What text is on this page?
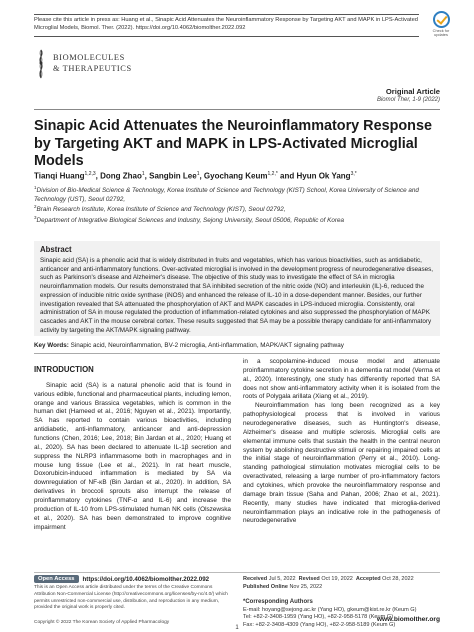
Please cite this article in press as: Huang et al., Sinapic Acid Attenuates the Neuroinflammatory Response by Targeting AKT and MAPK in LPS-Activated Microglial Models, Biomol. Ther. (2022). https://doi.org/10.4062/biomolther.2022.092	Check for
updates
BIOMOLECULES
& THERAPEUTICS
Original Article
Biomol Ther, 1-9 (2022)
Sinapic Acid Attenuates the Neuroinflammatory Response by Targeting AKT and MAPK in LPS-Activated Microglial Models
Tianqi Huang$^{1,2,3}$, Dong Zhao$^1$, Sangbin Lee$^1$, Gyochang Keum$^{1,2,*}$ and Hyun Ok Yang$^{3,*}$

$^1$Division of Bio-Medical Science & Technology, Korea Institute of Science and Technology (KIST) School, Korea University of Science and Technology (UST), Seoul 02792,

$^2$Brain Research Institute, Korea Institute of Science and Technology (KIST), Seoul 02792,

$^3$Department of Integrative Biological Sciences and Industry, Sejong University, Seoul 05006, Republic of Korea

Abstract
Sinapic acid (SA) is a phenolic acid that is widely distributed in fruits and vegetables, which has various bioactivities, such as antidiabetic, anticancer and anti-inflammatory functions. Over-activated microglial is involved in the development progress of neurodegenerative diseases, such as Parkinson's disease and Alzheimer's disease. The objective of this study was to investigate the effect of SA in microglia neuroinflammation models. Our results demonstrated that SA inhibited secretion of the nitric oxide (NO) and interleukin (IL)-6, reduced the expression of inducible nitric oxide synthase (iNOS) and enhanced the release of IL-10 in a dose-dependent manner. Besides, our further investigation revealed that SA attenuated the phosphorylation of AKT and MAPK cascades in LPS-induced microglia. Consistently, oral administration of SA in mouse regulated the production of inflammation-related cytokines and also suppressed the phosphorylation of MAPK cascades and AKT in the mouse cerebral cortex. These results suggested that SA may be a possible therapy candidate for anti-inflammatory activity by targeting the AKT/MAPK signaling pathway.
Key Words: Sinapic acid, Neuroinflammation, BV-2 microglia, Anti-inflammation, MAPK/AKT signaling pathway
INTRODUCTION

Sinapic acid (SA) is a natural phenolic acid that is found in various edible, functional and pharmaceutical plants, including lemon, orange and various Brassica vegetables, which is common in the human diet (Hameed et al., 2016; Nguyen et al., 2021). Importantly, SA has reported to contain various bioactivities, including antidiabetic, anti-inflammatory, anticancer and anti-depression functions (Chen, 2016; Lee, 2018; Bin Jardan et al., 2020; Huang et al., 2020). SA has been declared to attenuate IL-1β secretion and suppress the NLRP3 inflammasome both in macrophages and in mouse lung tissue (Lee et al., 2021). In rat heart muscle, Doxorubicin-induced inflammation is mediated by SA via downregulation of NF-κB (Bin Jardan et al., 2020). In addition, SA derivatives in broccoli sprouts also interrupt the release of proinflammatory cytokines (TNF-α and IL-6) and increase the production of IL-10 from LPS-stimulated human NK cells (Olszewska et al., 2020). SA has been demonstrated to improve cognitive impairment

in a scopolamine-induced mouse model and attenuate proinflammatory cytokine secretion in a dementia rat model (Verma et al., 2020). Interestingly, one study has differently reported that SA does not show anti-inflammatory activity when it is isolated from the roots of Polygala arillata (Xiang et al., 2019).

Neuroinflammation has long been recognized as a key pathophysiological process that is involved in various neurodegenerative diseases, such as Huntington's disease, Alzheimer's disease and multiple sclerosis. Microglial cells are elemental immune cells that sustain the health in the central neuron system by abolishing destructive stimuli or repairing impaired cells at the initial stage of neuroinflammation (Perry et al., 2010). Long-standing pathological stimulation motivates microglial cells to be overactivated, releasing a large number of pro-inflammatory factors and cytokines, which provoke the neuroinflammatory response and damage brain tissue (Saha and Pahan, 2006; Zhao et al., 2021). Recently, many studies have indicated that microglia-derived neuroinflammation plays an indicative role in the pathogenesis of neurodegenerative

Open Access	https://doi.org/10.4062/biomolther.2022.092
This is an Open Access article distributed under the terms of the Creative Commons Attribution Non-Commercial License (http://creativecommons.org/licenses/by-nc/4.0/) which permits unrestricted non-commercial use, distribution, and reproduction in any medium, provided the original work is properly cited.
Copyright © 2022 The Korean Society of Applied Pharmacology
Received Jul 5, 2022 Revised Oct 19, 2022 Accepted Oct 28, 2022
Published Online Nov 25, 2022
*Corresponding Authors
E-mail: hoyang@sejong.ac.kr (Yang HO), gkeum@kist.re.kr (Keum G)
Tel: +82-2-3408-1959 (Yang HO), +82-2-958-5178 (Keum G)
Fax: +82-2-3408-4309 (Yang HO), +82-2-958-5189 (Keum G)
www.biomolther.org
1
